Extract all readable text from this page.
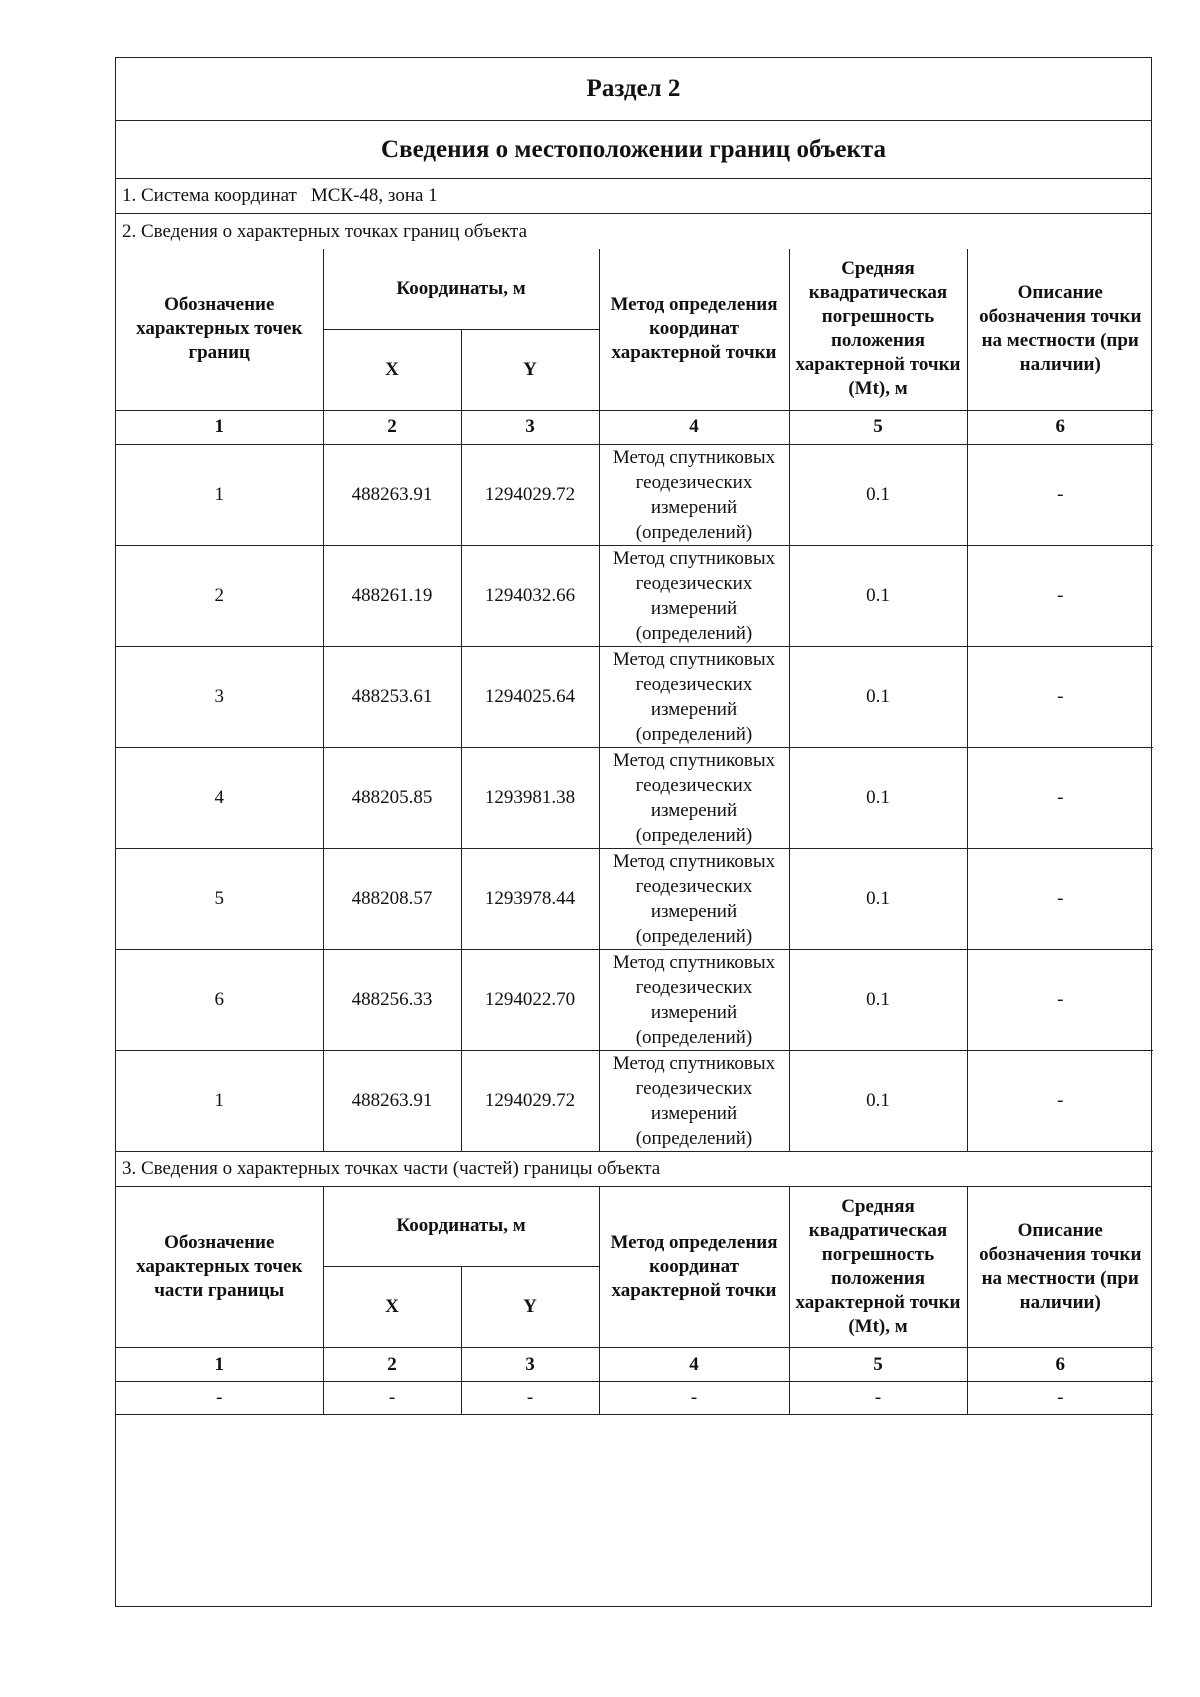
Раздел 2
Сведения о местоположении границ объекта
1. Система координат МСК-48, зона 1
2. Сведения о характерных точках границ объекта
Обозначение характерных точек границ	Координаты, м		Метод определения координат характерной точки	Средняя квадратическая погрешность положения характерной точки (Mt), м	Описание обозначения точки на местности (при наличии)
	X	Y			
1	2	3	4	5	6
1	488263.91	1294029.72	Метод спутниковых геодезических измерений (определений)	0.1	-
2	488261.19	1294032.66	Метод спутниковых геодезических измерений (определений)	0.1	-
3	488253.61	1294025.64	Метод спутниковых геодезических измерений (определений)	0.1	-
4	488205.85	1293981.38	Метод спутниковых геодезических измерений (определений)	0.1	-
5	488208.57	1293978.44	Метод спутниковых геодезических измерений (определений)	0.1	-
6	488256.33	1294022.70	Метод спутниковых геодезических измерений (определений)	0.1	-
1	488263.91	1294029.72	Метод спутниковых геодезических измерений (определений)	0.1	-
3. Сведения о характерных точках части (частей) границы объекта
Обозначение характерных точек части границы	Координаты, м		Метод определения координат характерной точки	Средняя квадратическая погрешность положения характерной точки (Mt), м	Описание обозначения точки на местности (при наличии)
	X	Y			
1	2	3	4	5	6
-	-	-	-	-	-
